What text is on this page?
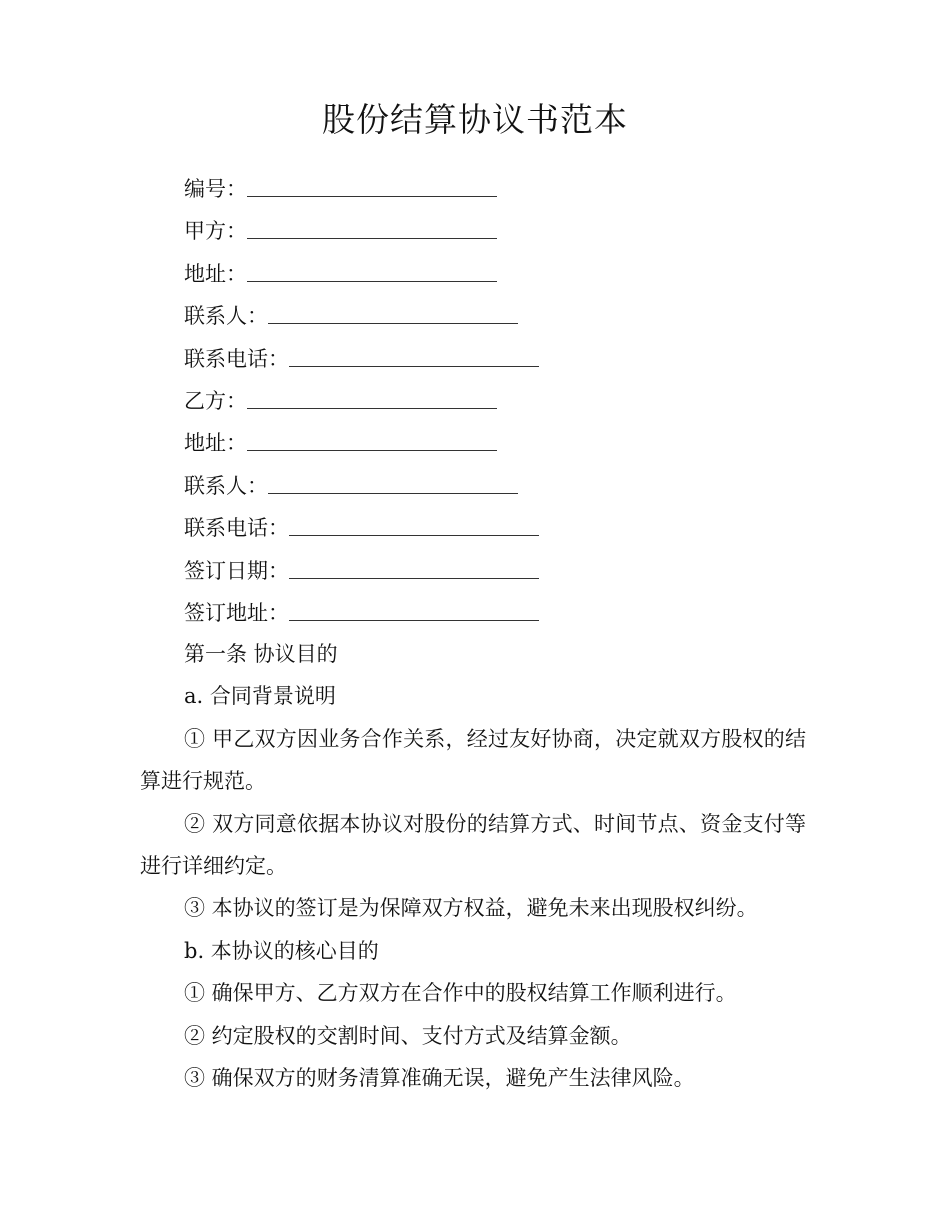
股份结算协议书范本
编号：
甲方：
地址：
联系人：
联系电话：
乙方：
地址：
联系人：
联系电话：
签订日期：
签订地址：

第一条 协议目的

a. 合同背景说明

① 甲乙双方因业务合作关系，经过友好协商，决定就双方股权的结算进行规范。

② 双方同意依据本协议对股份的结算方式、时间节点、资金支付等进行详细约定。

③ 本协议的签订是为保障双方权益，避免未来出现股权纠纷。

b. 本协议的核心目的

① 确保甲方、乙方双方在合作中的股权结算工作顺利进行。

② 约定股权的交割时间、支付方式及结算金额。

③ 确保双方的财务清算准确无误，避免产生法律风险。
